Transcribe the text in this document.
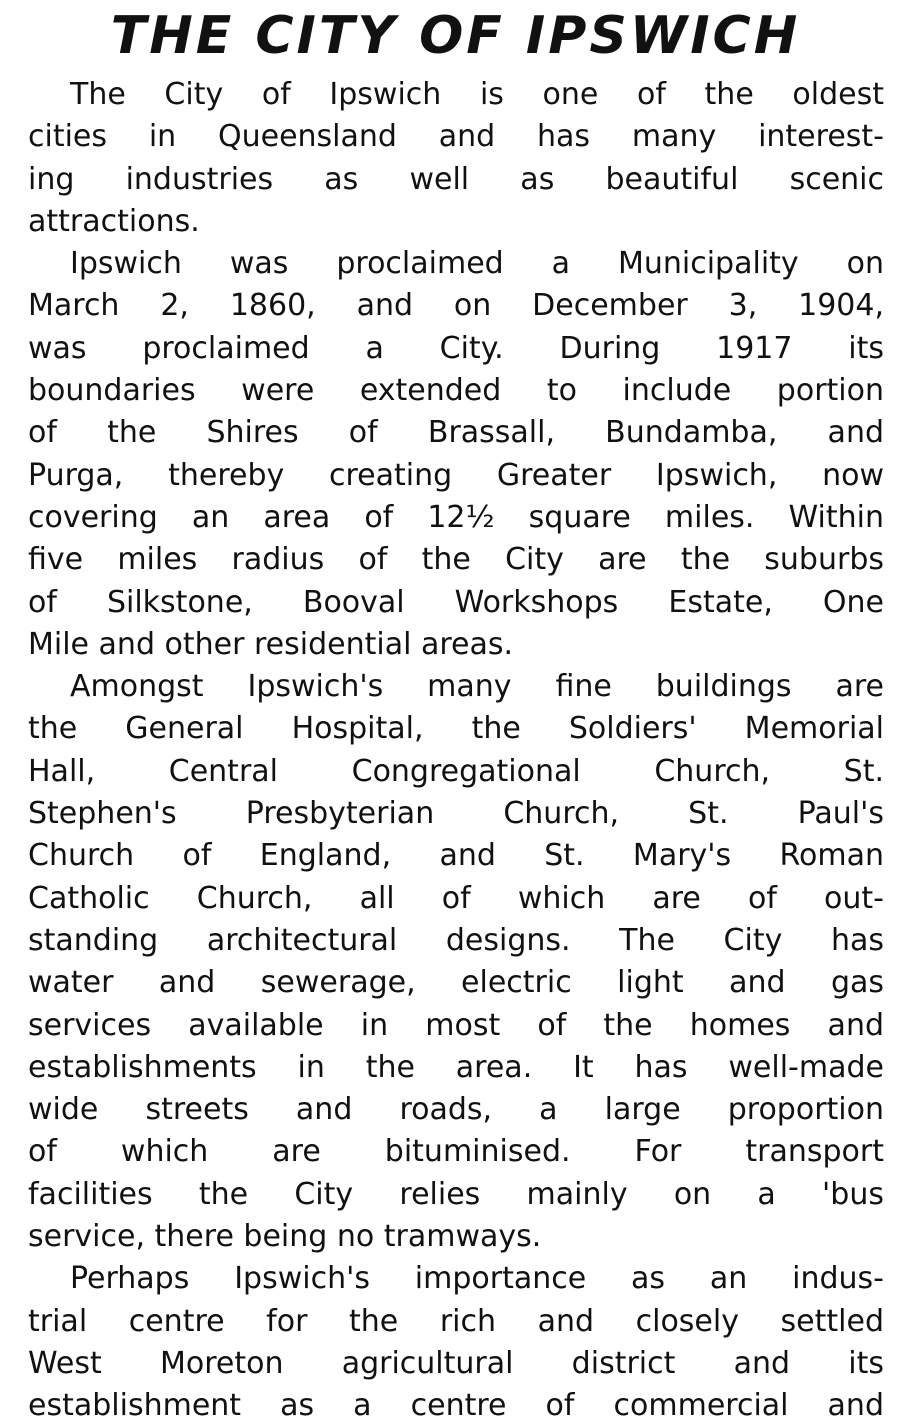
THE CITY OF IPSWICH
The City of Ipswich is one of the oldest
cities in Queensland and has many interest-
ing industries as well as beautiful scenic
attractions.
Ipswich was proclaimed a Municipality on
March 2, 1860, and on December 3, 1904,
was proclaimed a City. During 1917 its
boundaries were extended to include portion
of the Shires of Brassall, Bundamba, and
Purga, thereby creating Greater Ipswich, now
covering an area of 12½ square miles. Within
five miles radius of the City are the suburbs
of Silkstone, Booval Workshops Estate, One
Mile and other residential areas.
Amongst Ipswich's many fine buildings are
the General Hospital, the Soldiers' Memorial
Hall, Central Congregational Church, St.
Stephen's Presbyterian Church, St. Paul's
Church of England, and St. Mary's Roman
Catholic Church, all of which are of out-
standing architectural designs. The City has
water and sewerage, electric light and gas
services available in most of the homes and
establishments in the area. It has well-made
wide streets and roads, a large proportion
of which are bituminised. For transport
facilities the City relies mainly on a 'bus
service, there being no tramways.
Perhaps Ipswich's importance as an indus-
trial centre for the rich and closely settled
West Moreton agricultural district and its
establishment as a centre of commercial and
